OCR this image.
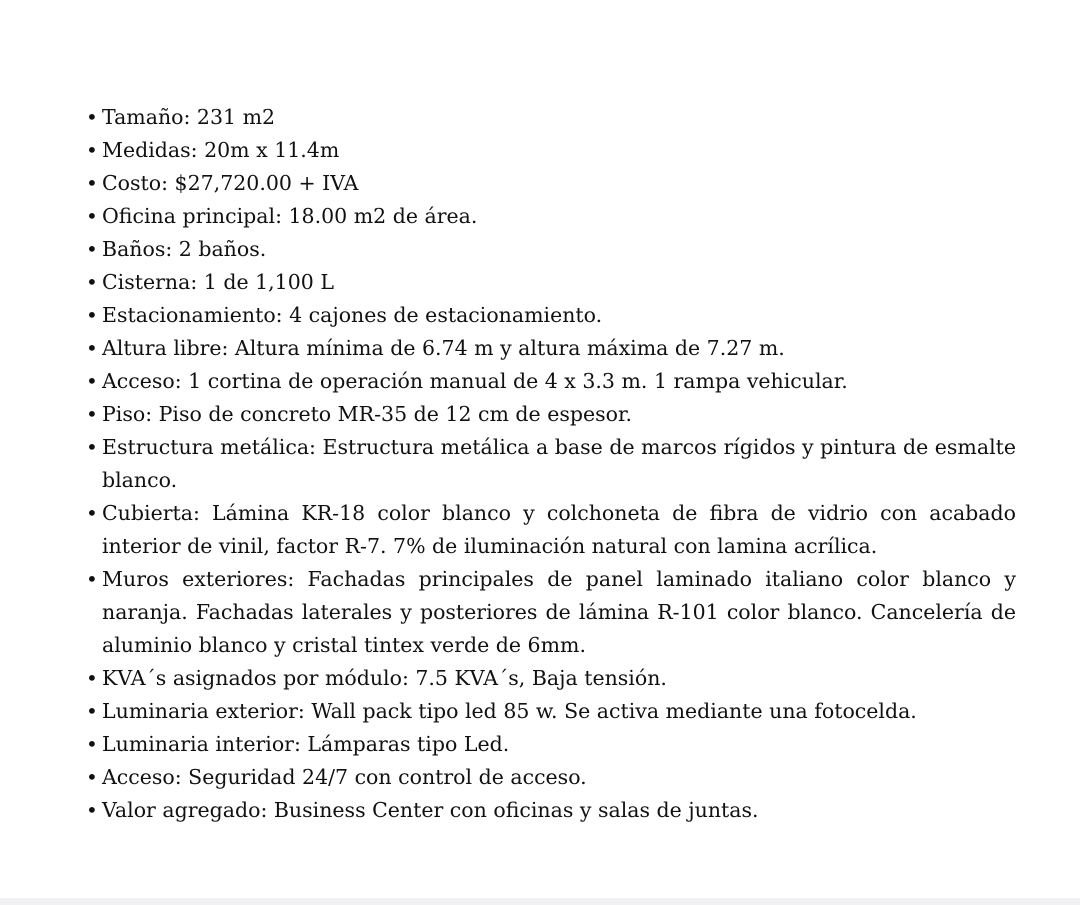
• Tamaño: 231 m2
• Medidas: 20m x 11.4m
• Costo: $27,720.00 + IVA
• Oficina principal: 18.00 m2 de área.
• Baños: 2 baños.
• Cisterna: 1 de 1,100 L
• Estacionamiento: 4 cajones de estacionamiento.
• Altura libre: Altura mínima de 6.74 m y altura máxima de 7.27 m.
• Acceso: 1 cortina de operación manual de 4 x 3.3 m. 1 rampa vehicular.
• Piso: Piso de concreto MR-35 de 12 cm de espesor.
• Estructura metálica: Estructura metálica a base de marcos rígidos y pintura de esmalte blanco.
• Cubierta: Lámina KR-18 color blanco y colchoneta de fibra de vidrio con acabado interior de vinil, factor R-7. 7% de iluminación natural con lamina acrílica.
• Muros exteriores: Fachadas principales de panel laminado italiano color blanco y naranja. Fachadas laterales y posteriores de lámina R-101 color blanco. Cancelería de aluminio blanco y cristal tintex verde de 6mm.
• KVA´s asignados por módulo: 7.5 KVA´s, Baja tensión.
• Luminaria exterior: Wall pack tipo led 85 w. Se activa mediante una fotocelda.
• Luminaria interior: Lámparas tipo Led.
• Acceso: Seguridad 24/7 con control de acceso.
• Valor agregado: Business Center con oficinas y salas de juntas.
